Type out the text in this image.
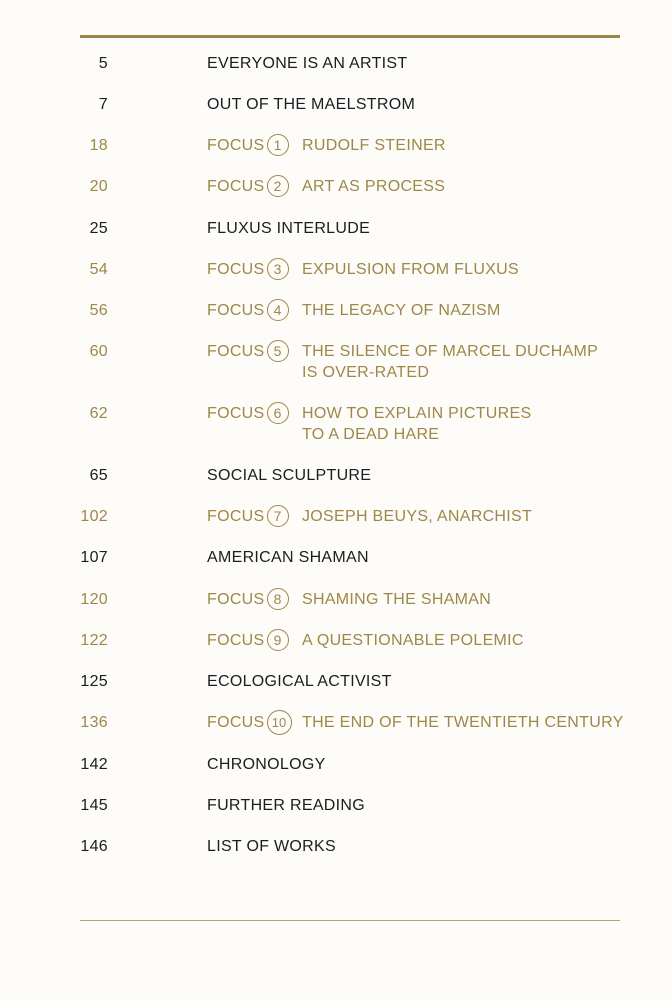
5	EVERYONE IS AN ARTIST
7	OUT OF THE MAELSTROM
18	FOCUS 1 RUDOLF STEINER
20	FOCUS 2 ART AS PROCESS
25	FLUXUS INTERLUDE
54	FOCUS 3 EXPULSION FROM FLUXUS
56	FOCUS 4 THE LEGACY OF NAZISM
60	FOCUS 5 THE SILENCE OF MARCEL DUCHAMP
IS OVER-RATED
62	FOCUS 6 HOW TO EXPLAIN PICTURES
TO A DEAD HARE
65	SOCIAL SCULPTURE
102	FOCUS 7 JOSEPH BEUYS, ANARCHIST
107	AMERICAN SHAMAN
120	FOCUS 8 SHAMING THE SHAMAN
122	FOCUS 9 A QUESTIONABLE POLEMIC
125	ECOLOGICAL ACTIVIST
136	FOCUS 10 THE END OF THE TWENTIETH CENTURY
142	CHRONOLOGY
145	FURTHER READING
146	LIST OF WORKS
